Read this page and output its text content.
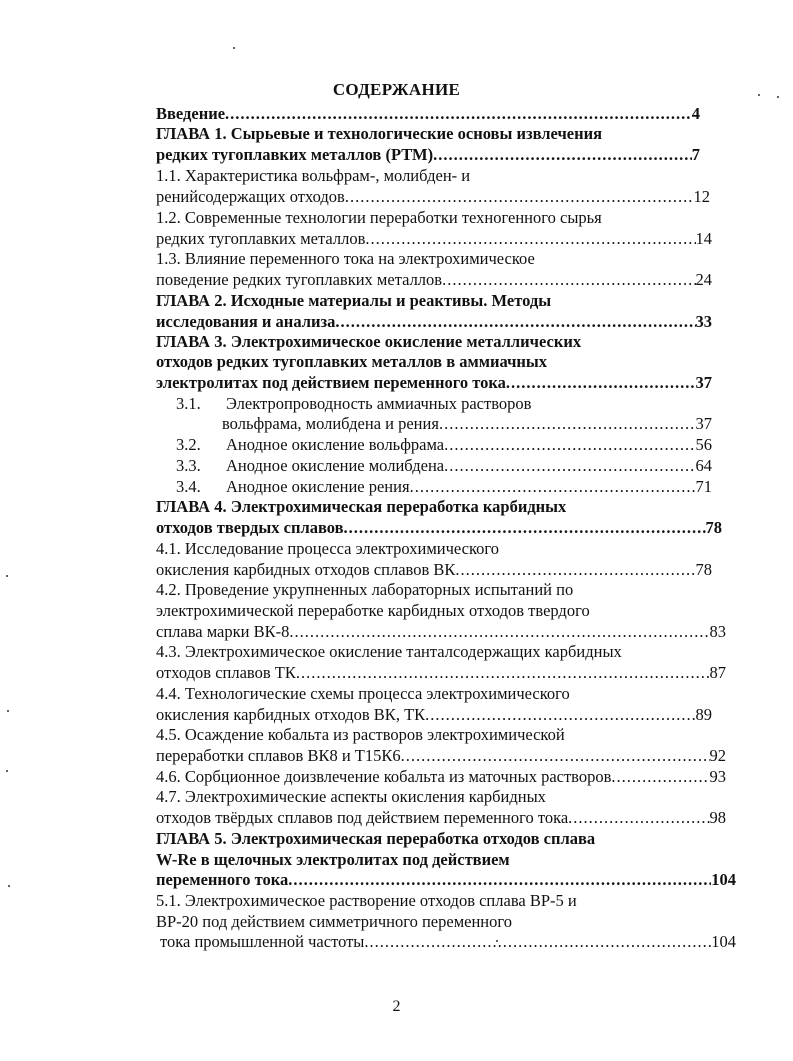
СОДЕРЖАНИЕ
Введение .....	4
ГЛАВА 1. Сырьевые и технологические основы извлечения
редких тугоплавких металлов (РТМ) .....	7
1.1. Характеристика вольфрам-, молибден- и
ренийсодержащих отходов .....	12
1.2. Современные технологии переработки техногенного сырья
редких тугоплавких металлов .....	14
1.3. Влияние переменного тока на электрохимическое
поведение редких тугоплавких металлов .....	24
ГЛАВА 2. Исходные материалы и реактивы. Методы
исследования и анализа .....	33
ГЛАВА 3. Электрохимическое окисление металлических
отходов редких тугоплавких металлов в аммиачных
электролитах под действием переменного тока .....	37
3.1.	Электропроводность аммиачных растворов
вольфрама, молибдена и рения .....	37
3.2.	Анодное окисление вольфрама .....	56
3.3.	Анодное окисление молибдена .....	64
3.4.	Анодное окисление рения .....	71
ГЛАВА 4. Электрохимическая переработка карбидных
отходов твердых сплавов .....	78
4.1. Исследование процесса электрохимического
окисления карбидных отходов сплавов ВК .....	78
4.2. Проведение укрупненных лабораторных испытаний по
электрохимической переработке карбидных отходов твердого
сплава марки ВК-8 .....	83
4.3. Электрохимическое окисление танталсодержащих карбидных
отходов сплавов ТК .....	87
4.4. Технологические схемы процесса электрохимического
окисления карбидных отходов ВК, ТК .....	89
4.5. Осаждение кобальта из растворов электрохимической
переработки сплавов ВК8 и Т15К6 .....	92
4.6. Сорбционное доизвлечение кобальта из маточных растворов .....	93
4.7. Электрохимические аспекты окисления карбидных
отходов твёрдых сплавов под действием переменного тока .....	98
ГЛАВА 5. Электрохимическая переработка отходов сплава
W-Re в щелочных электролитах под действием
переменного тока .....	104
5.1. Электрохимическое растворение отходов сплава ВР-5 и
ВР-20 под действием симметричного переменного
тока промышленной частоты .....	104
2
